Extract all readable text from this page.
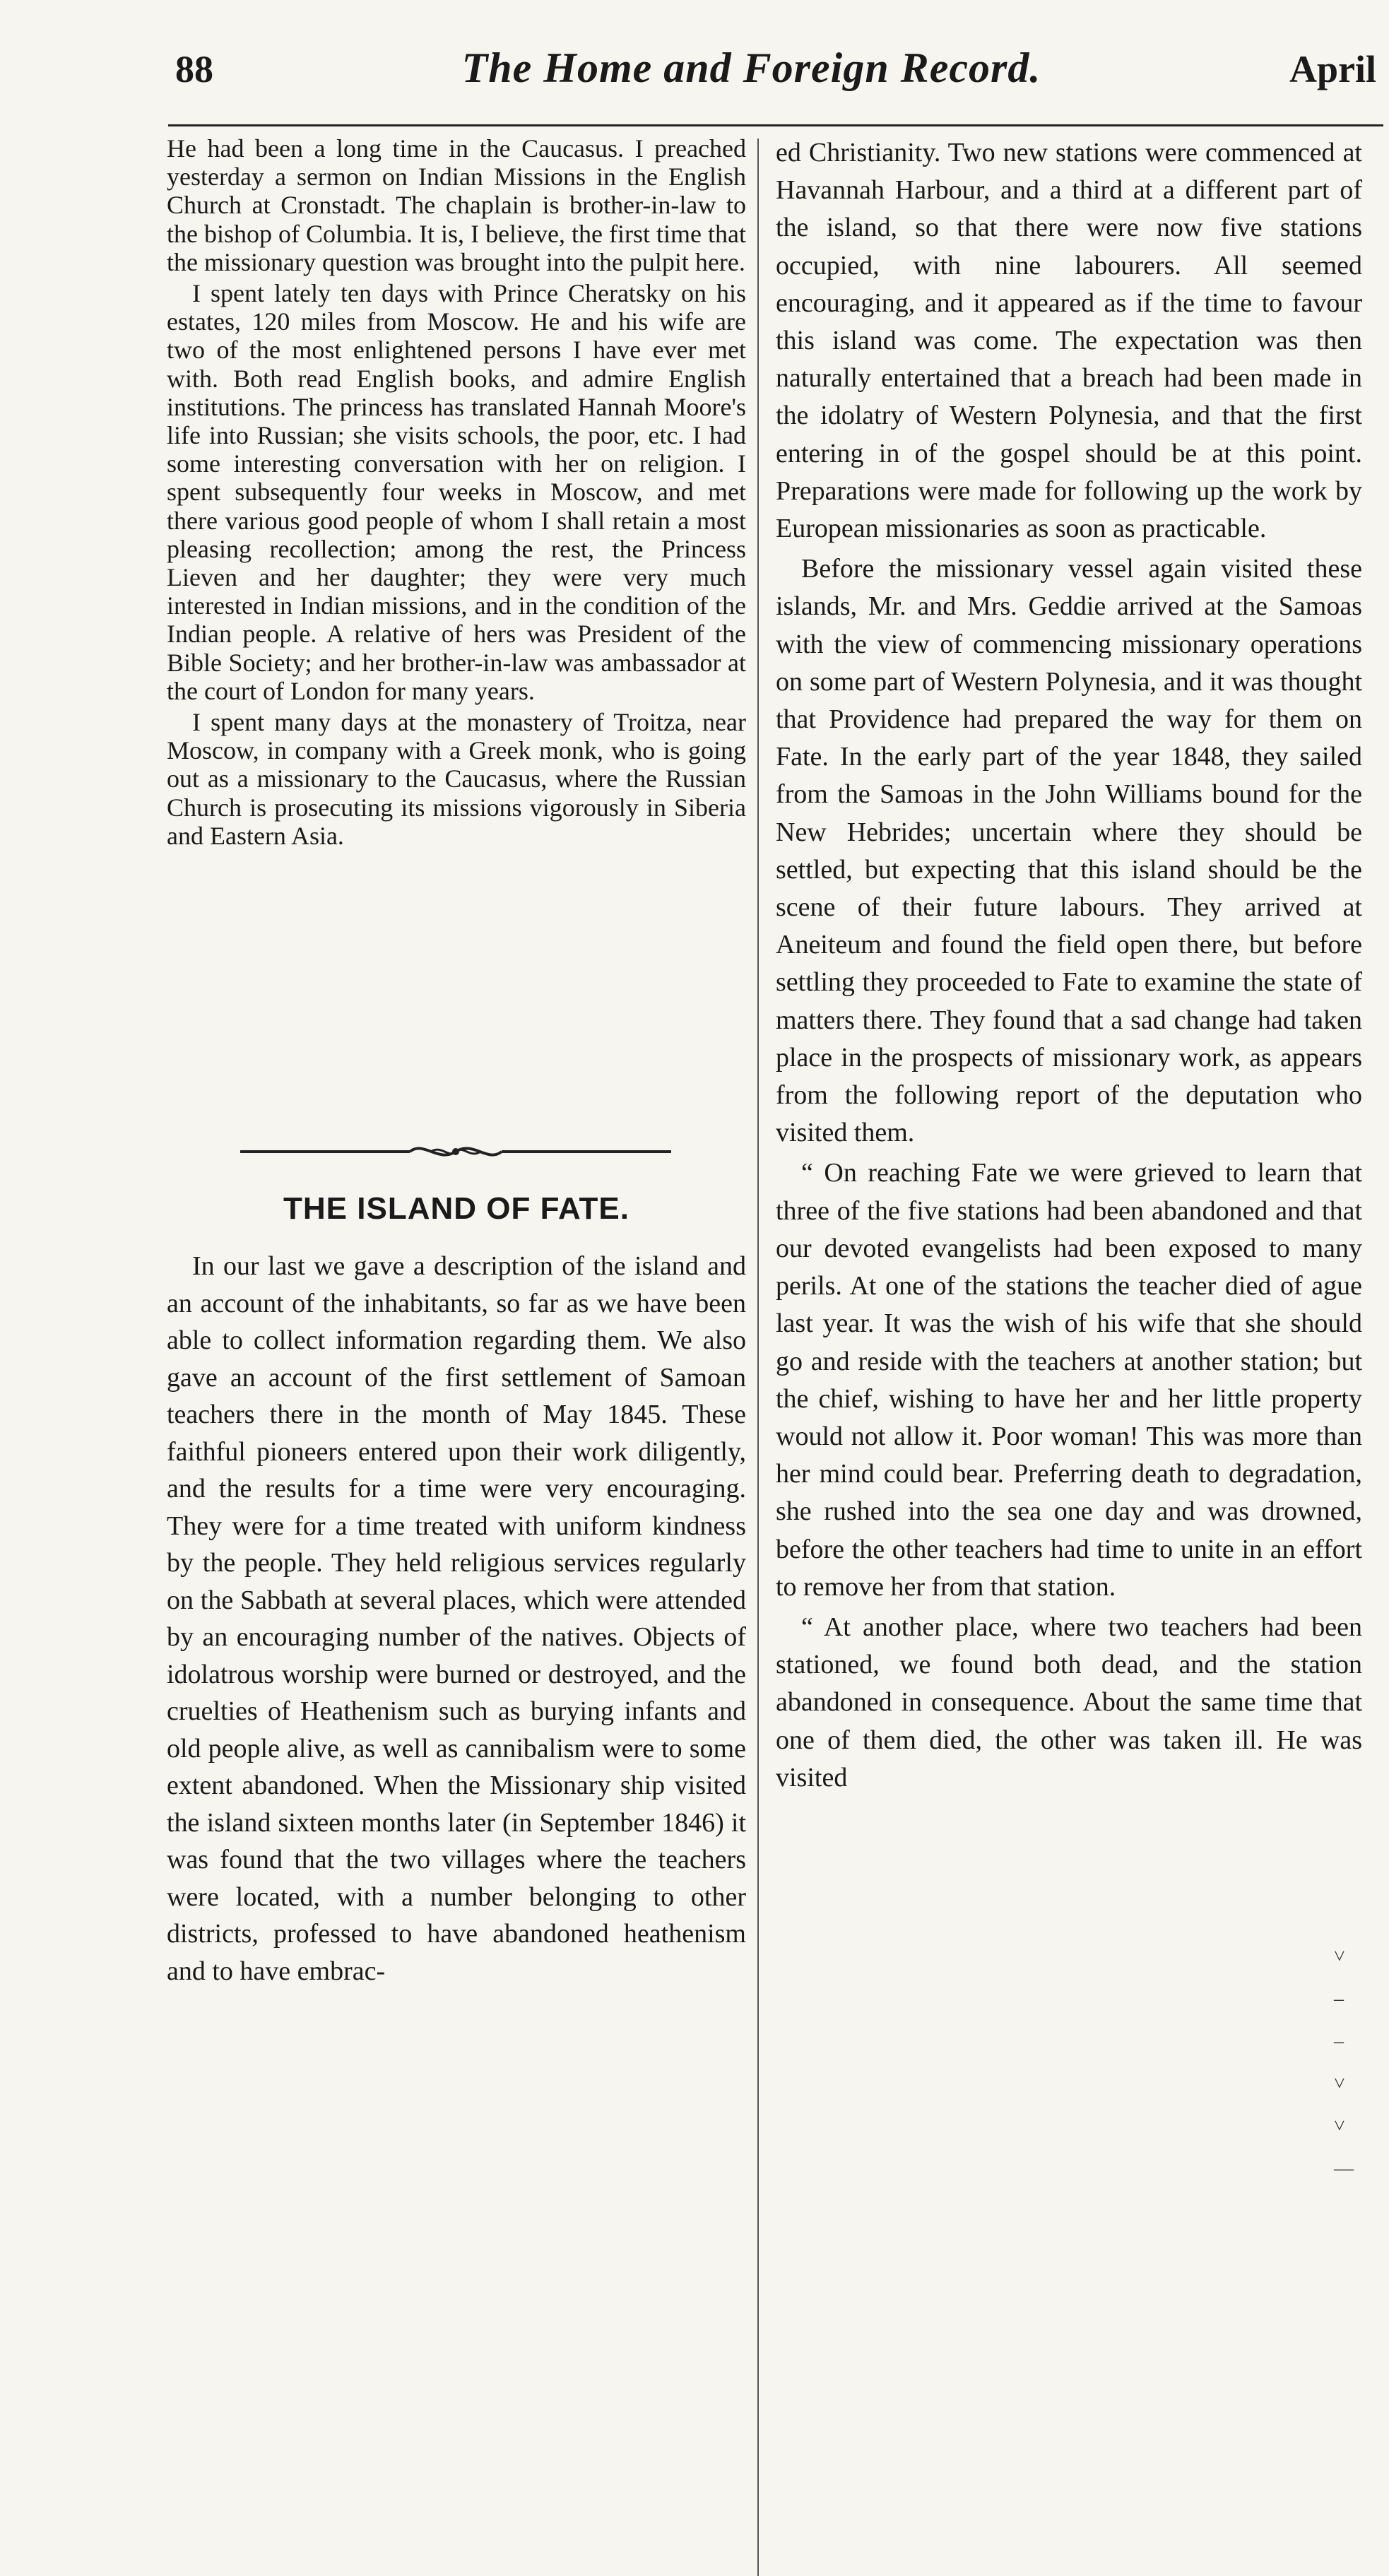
88	The Home and Foreign Record.	April

He had been a long time in the Caucasus. I preached yesterday a sermon on Indian Missions in the English Church at Cronstadt. The chaplain is brother-in-law to the bishop of Columbia. It is, I believe, the first time that the missionary question was brought into the pulpit here.

I spent lately ten days with Prince Cheratsky on his estates, 120 miles from Moscow. He and his wife are two of the most enlightened persons I have ever met with. Both read English books, and admire English institutions. The princess has translated Hannah Moore's life into Russian; she visits schools, the poor, etc. I had some interesting conversation with her on religion. I spent subsequently four weeks in Moscow, and met there various good people of whom I shall retain a most pleasing recollection; among the rest, the Princess Lieven and her daughter; they were very much interested in Indian missions, and in the condition of the Indian people. A relative of hers was President of the Bible Society; and her brother-in-law was ambassador at the court of London for many years.

I spent many days at the monastery of Troitza, near Moscow, in company with a Greek monk, who is going out as a missionary to the Caucasus, where the Russian Church is prosecuting its missions vigorously in Siberia and Eastern Asia.

THE ISLAND OF FATE.

In our last we gave a description of the island and an account of the inhabitants, so far as we have been able to collect information regarding them. We also gave an account of the first settlement of Samoan teachers there in the month of May 1845. These faithful pioneers entered upon their work diligently, and the results for a time were very encouraging. They were for a time treated with uniform kindness by the people. They held religious services regularly on the Sabbath at several places, which were attended by an encouraging number of the natives. Objects of idolatrous worship were burned or destroyed, and the cruelties of Heathenism such as burying infants and old people alive, as well as cannibalism were to some extent abandoned. When the Missionary ship visited the island sixteen months later (in September 1846) it was found that the two villages where the teachers were located, with a number belonging to other districts, professed to have abandoned heathenism and to have embrac-

ed Christianity. Two new stations were commenced at Havannah Harbour, and a third at a different part of the island, so that there were now five stations occupied, with nine labourers. All seemed encouraging, and it appeared as if the time to favour this island was come. The expectation was then naturally entertained that a breach had been made in the idolatry of Western Polynesia, and that the first entering in of the gospel should be at this point. Preparations were made for following up the work by European missionaries as soon as practicable.

Before the missionary vessel again visited these islands, Mr. and Mrs. Geddie arrived at the Samoas with the view of commencing missionary operations on some part of Western Polynesia, and it was thought that Providence had prepared the way for them on Fate. In the early part of the year 1848, they sailed from the Samoas in the John Williams bound for the New Hebrides; uncertain where they should be settled, but expecting that this island should be the scene of their future labours. They arrived at Aneiteum and found the field open there, but before settling they proceeded to Fate to examine the state of matters there. They found that a sad change had taken place in the prospects of missionary work, as appears from the following report of the deputation who visited them.

“ On reaching Fate we were grieved to learn that three of the five stations had been abandoned and that our devoted evangelists had been exposed to many perils. At one of the stations the teacher died of ague last year. It was the wish of his wife that she should go and reside with the teachers at another station; but the chief, wishing to have her and her little property would not allow it. Poor woman! This was more than her mind could bear. Preferring death to degradation, she rushed into the sea one day and was drowned, before the other teachers had time to unite in an effort to remove her from that station.

“ At another place, where two teachers had been stationed, we found both dead, and the station abandoned in consequence. About the same time that one of them died, the other was taken ill. He was visited

˅
–
–
˅
˅
—
